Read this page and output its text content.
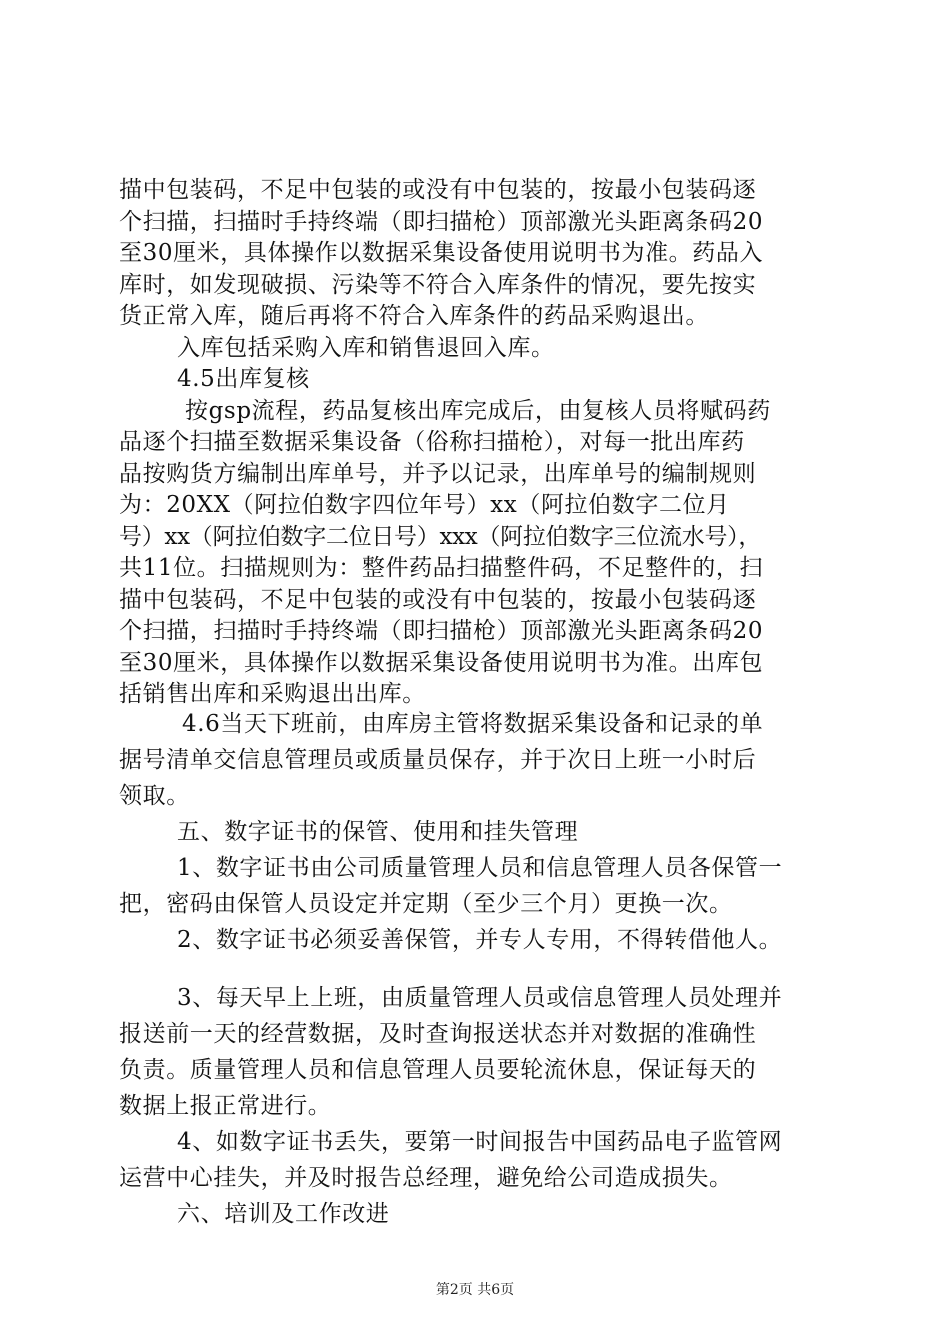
描中包装码，不足中包装的或没有中包装的，按最小包装码逐
个扫描，扫描时手持终端（即扫描枪）顶部激光头距离条码20
至30厘米，具体操作以数据采集设备使用说明书为准。药品入
库时，如发现破损、污染等不符合入库条件的情况，要先按实
货正常入库，随后再将不符合入库条件的药品采购退出。
入库包括采购入库和销售退回入库。
4.5出库复核
按gsp流程，药品复核出库完成后，由复核人员将赋码药
品逐个扫描至数据采集设备（俗称扫描枪），对每一批出库药
品按购货方编制出库单号，并予以记录，出库单号的编制规则
为：20XX（阿拉伯数字四位年号）xx（阿拉伯数字二位月
号）xx（阿拉伯数字二位日号）xxx（阿拉伯数字三位流水号），
共11位。扫描规则为：整件药品扫描整件码，不足整件的，扫
描中包装码，不足中包装的或没有中包装的，按最小包装码逐
个扫描，扫描时手持终端（即扫描枪）顶部激光头距离条码20
至30厘米，具体操作以数据采集设备使用说明书为准。出库包
括销售出库和采购退出出库。
4.6当天下班前，由库房主管将数据采集设备和记录的单
据号清单交信息管理员或质量员保存，并于次日上班一小时后
领取。
五、数字证书的保管、使用和挂失管理
1、数字证书由公司质量管理人员和信息管理人员各保管一
把，密码由保管人员设定并定期（至少三个月）更换一次。
2、数字证书必须妥善保管，并专人专用，不得转借他人。
3、每天早上上班，由质量管理人员或信息管理人员处理并
报送前一天的经营数据，及时查询报送状态并对数据的准确性
负责。质量管理人员和信息管理人员要轮流休息，保证每天的
数据上报正常进行。
4、如数字证书丢失，要第一时间报告中国药品电子监管网
运营中心挂失，并及时报告总经理，避免给公司造成损失。
六、培训及工作改进
第2页 共6页
